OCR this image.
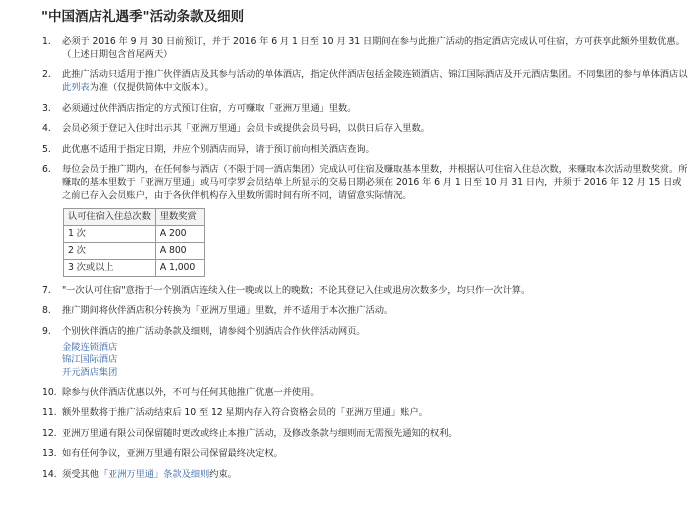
"中国酒店礼遇季"活动条款及细则
1.	必须于 2016 年 9 月 30 日前预订，并于 2016 年 6 月 1 日至 10 月 31 日期间在参与此推广活动的指定酒店完成认可住宿，方可获享此额外里数优惠。（上述日期包含首尾两天）
2.	此推广活动只适用于推广伙伴酒店及其参与活动的单体酒店，指定伙伴酒店包括金陵连锁酒店、锦江国际酒店及开元酒店集团。不同集团的参与单体酒店以此列表为准（仅提供简体中文版本）。
3.	必须通过伙伴酒店指定的方式预订住宿，方可赚取「亚洲万里通」里数。
4.	会员必须于登记入住时出示其「亚洲万里通」会员卡或提供会员号码，以供日后存入里数。
5.	此优惠不适用于指定日期，并应个别酒店而异，请于预订前向相关酒店查询。
6.	每位会员于推广期内，在任何参与酒店（不限于同一酒店集团）完成认可住宿及赚取基本里数，并根据认可住宿入住总次数，来赚取本次活动里数奖赏。所赚取的基本里数于「亚洲万里通」或马可孛罗会员结单上所显示的交易日期必须在 2016 年 6 月 1 日至 10 月 31 日内，并须于 2016 年 12 月 15 日或之前已存入会员账户，由于各伙伴机构存入里数所需时间有所不同，请留意实际情况。
认可住宿入住总次数	里数奖赏
1 次	A 200
2 次	A 800
3 次或以上	A 1,000
7.	"一次认可住宿"意指于一个别酒店连续入住一晚或以上的晚数；不论其登记入住或退房次数多少，均只作一次计算。
8.	推广期间将伙伴酒店积分转换为「亚洲万里通」里数，并不适用于本次推广活动。
9.	个别伙伴酒店的推广活动条款及细则，请参阅个别酒店合作伙伴活动网页。
金陵连锁酒店
锦江国际酒店
开元酒店集团
10. 除参与伙伴酒店优惠以外，不可与任何其他推广优惠一并使用。
11. 额外里数将于推广活动结束后 10 至 12 星期内存入符合资格会员的「亚洲万里通」账户。
12. 亚洲万里通有限公司保留随时更改或终止本推广活动，及修改条款与细则而无需预先通知的权利。
13. 如有任何争议，亚洲万里通有限公司保留最终决定权。
14. 须受其他「亚洲万里通」条款及细则约束。
